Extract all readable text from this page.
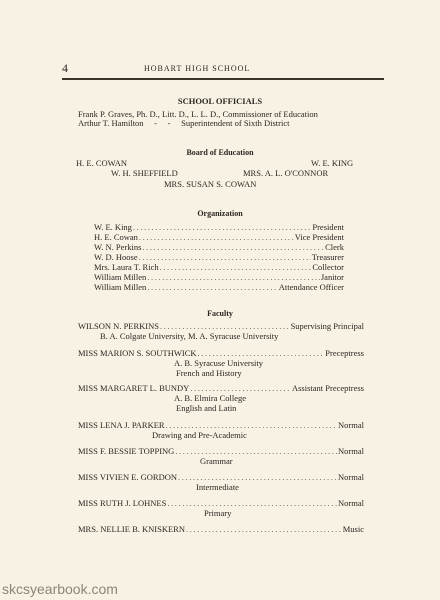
4	HOBART HIGH SCHOOL
SCHOOL OFFICIALS
Frank P. Graves, Ph. D., Litt. D., L. L. D., Commissioner of Education
Arthur T. Hamilton     -     -     Superintendent of Sixth District
Board of Education
H. E. COWAN	W. E. KING
W. H. SHEFFIELD	MRS. A. L. O'CONNOR
MRS. SUSAN S. COWAN
Organization
W. E. King .....	President
H. E. Cowan .....	Vice President
W. N. Perkins .....	Clerk
W. D. Hoose .....	Treasurer
Mrs. Laura T. Rich .....	Collector
William Millen .....	Janitor
William Millen .....	Attendance Officer
Faculty
WILSON N. PERKINS .....	Supervising Principal
B. A. Colgate University, M. A. Syracuse University
MISS MARION S. SOUTHWICK .....	Preceptress
A. B. Syracuse University
French and History
MISS MARGARET L. BUNDY .....	Assistant Preceptress
A. B. Elmira College
English and Latin
MISS LENA J. PARKER .....	Normal
Drawing and Pre-Academic
MISS F. BESSIE TOPPING .....	Normal
Grammar
MISS VIVIEN E. GORDON .....	Normal
Intermediate
MISS RUTH J. LOHNES .....	Normal
Primary
MRS. NELLIE B. KNISKERN .....	Music
skcsyearbook.com
